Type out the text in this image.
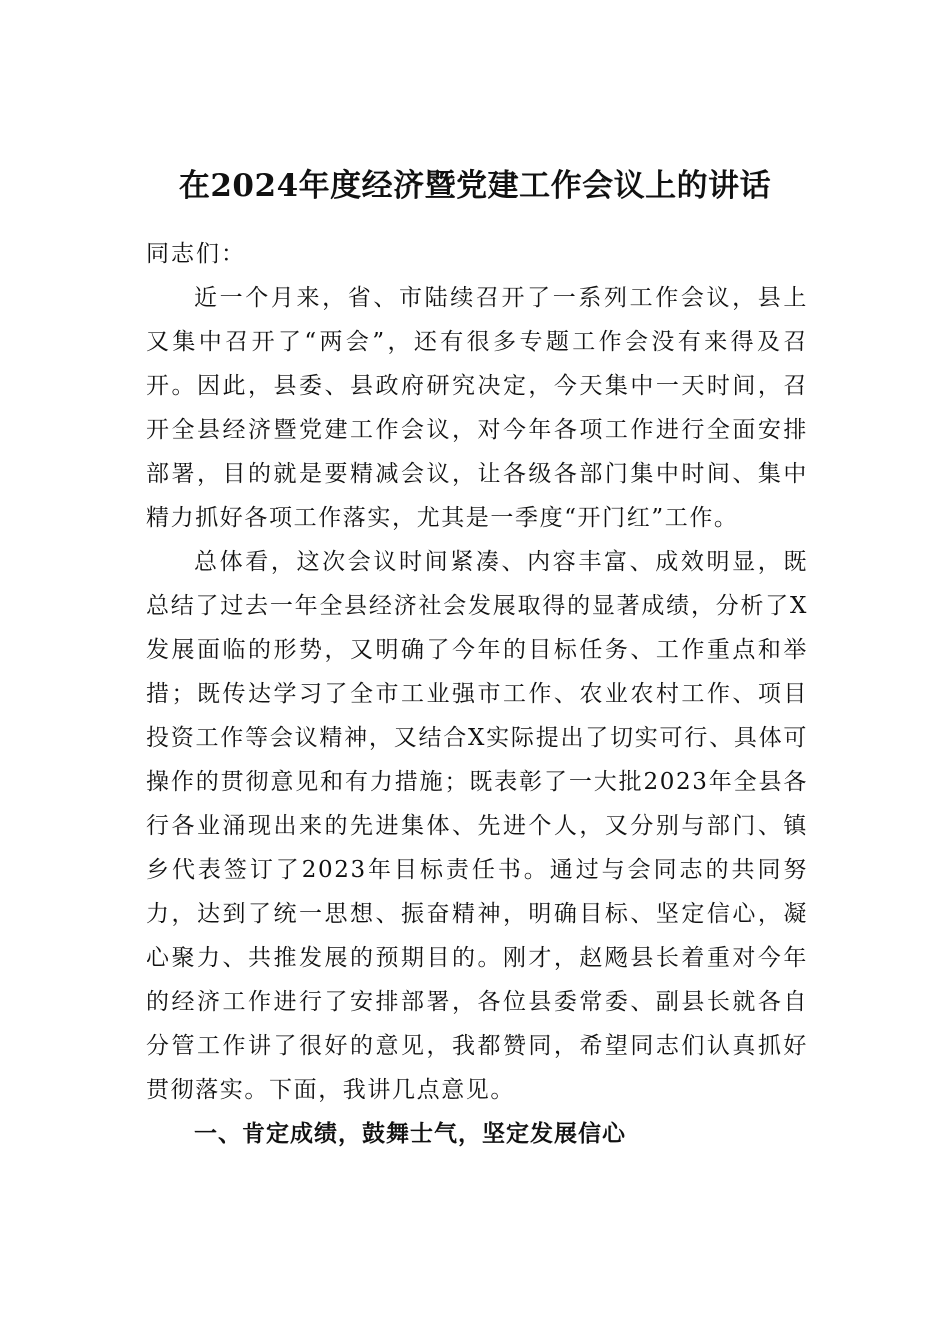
在2024年度经济暨党建工作会议上的讲话

同志们：

近一个月来，省、市陆续召开了一系列工作会议，县上又集中召开了“两会”，还有很多专题工作会没有来得及召开。因此，县委、县政府研究决定，今天集中一天时间，召开全县经济暨党建工作会议，对今年各项工作进行全面安排部署，目的就是要精减会议，让各级各部门集中时间、集中精力抓好各项工作落实，尤其是一季度“开门红”工作。

总体看，这次会议时间紧凑、内容丰富、成效明显，既总结了过去一年全县经济社会发展取得的显著成绩，分析了X发展面临的形势，又明确了今年的目标任务、工作重点和举措；既传达学习了全市工业强市工作、农业农村工作、项目投资工作等会议精神，又结合X实际提出了切实可行、具体可操作的贯彻意见和有力措施；既表彰了一大批2023年全县各行各业涌现出来的先进集体、先进个人，又分别与部门、镇乡代表签订了2023年目标责任书。通过与会同志的共同努力，达到了统一思想、振奋精神，明确目标、坚定信心，凝心聚力、共推发展的预期目的。刚才，赵飏县长着重对今年的经济工作进行了安排部署，各位县委常委、副县长就各自分管工作讲了很好的意见，我都赞同，希望同志们认真抓好贯彻落实。下面，我讲几点意见。

一、肯定成绩，鼓舞士气，坚定发展信心
